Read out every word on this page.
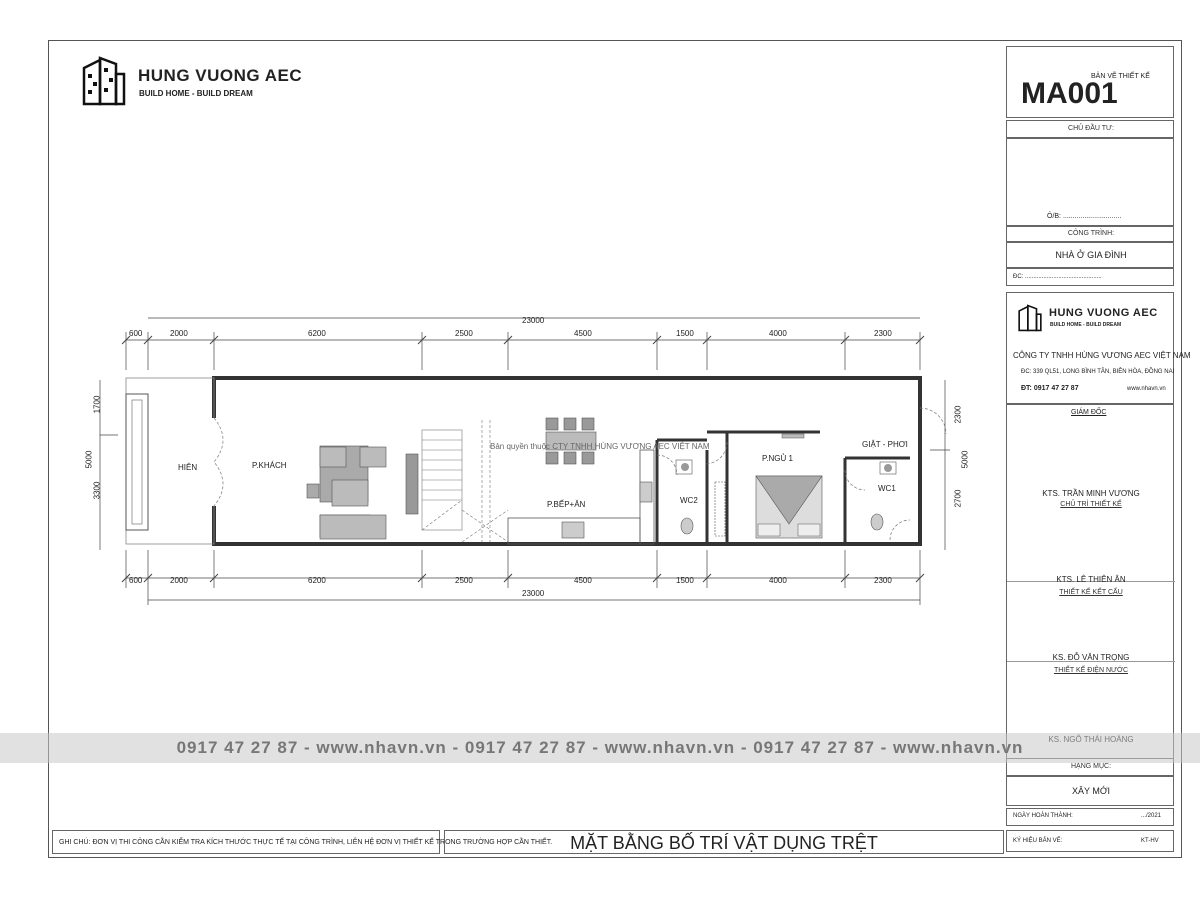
HUNG VUONG AEC
BUILD HOME - BUILD DREAM
600	2000	6200	2500	4500	1500	4000	2300
23000
600	2000	6200	2500	4500	1500	4000	2300
23000
1700
3300
5000
2300
2700
5000
HIÊN	P.KHÁCH
P.BẾP+ĂN
P.NGỦ 1
WC2
WC1
GIẶT - PHƠI
Bản quyền thuộc CTY TNHH HÙNG VƯƠNG AEC VIỆT NAM
BẢN VẼ THIẾT KẾ
MA001
CHỦ ĐẦU TƯ:
Ô/B: ..............................
CÔNG TRÌNH:
NHÀ Ở GIA ĐÌNH
ĐC: ..............................................
HUNG VUONG AEC
BUILD HOME - BUILD DREAM
CÔNG TY TNHH HÙNG VƯƠNG AEC VIỆT NAM
ĐC: 339 QL51, LONG BÌNH TÂN, BIÊN HÒA, ĐỒNG NAI
ĐT: 0917 47 27 87	www.nhavn.vn
GIÁM ĐỐC
KTS. TRẦN MINH VƯƠNG
CHỦ TRÌ THIẾT KẾ
KTS. LÊ THIÊN ÂN
THIẾT KẾ KẾT CẤU
KS. ĐỖ VĂN TRỌNG
THIẾT KẾ ĐIỆN NƯỚC
HẠNG MỤC:
XÂY MỚI
NGÀY HOÀN THÀNH:	.../2021
KÝ HIỆU BẢN VẼ:	KT-HV
0917 47 27 87 - www.nhavn.vn - 0917 47 27 87 - www.nhavn.vn - 0917 47 27 87 - www.nhavn.vn
GHI CHÚ: ĐƠN VỊ THI CÔNG CẦN KIỂM TRA KÍCH THƯỚC THỰC TẾ TẠI CÔNG TRÌNH, LIÊN HỆ ĐƠN VỊ THIẾT KẾ TRONG TRƯỜNG HỢP CẦN THIẾT. MẶT BẰNG BỐ TRÍ VẬT DỤNG TRỆT
